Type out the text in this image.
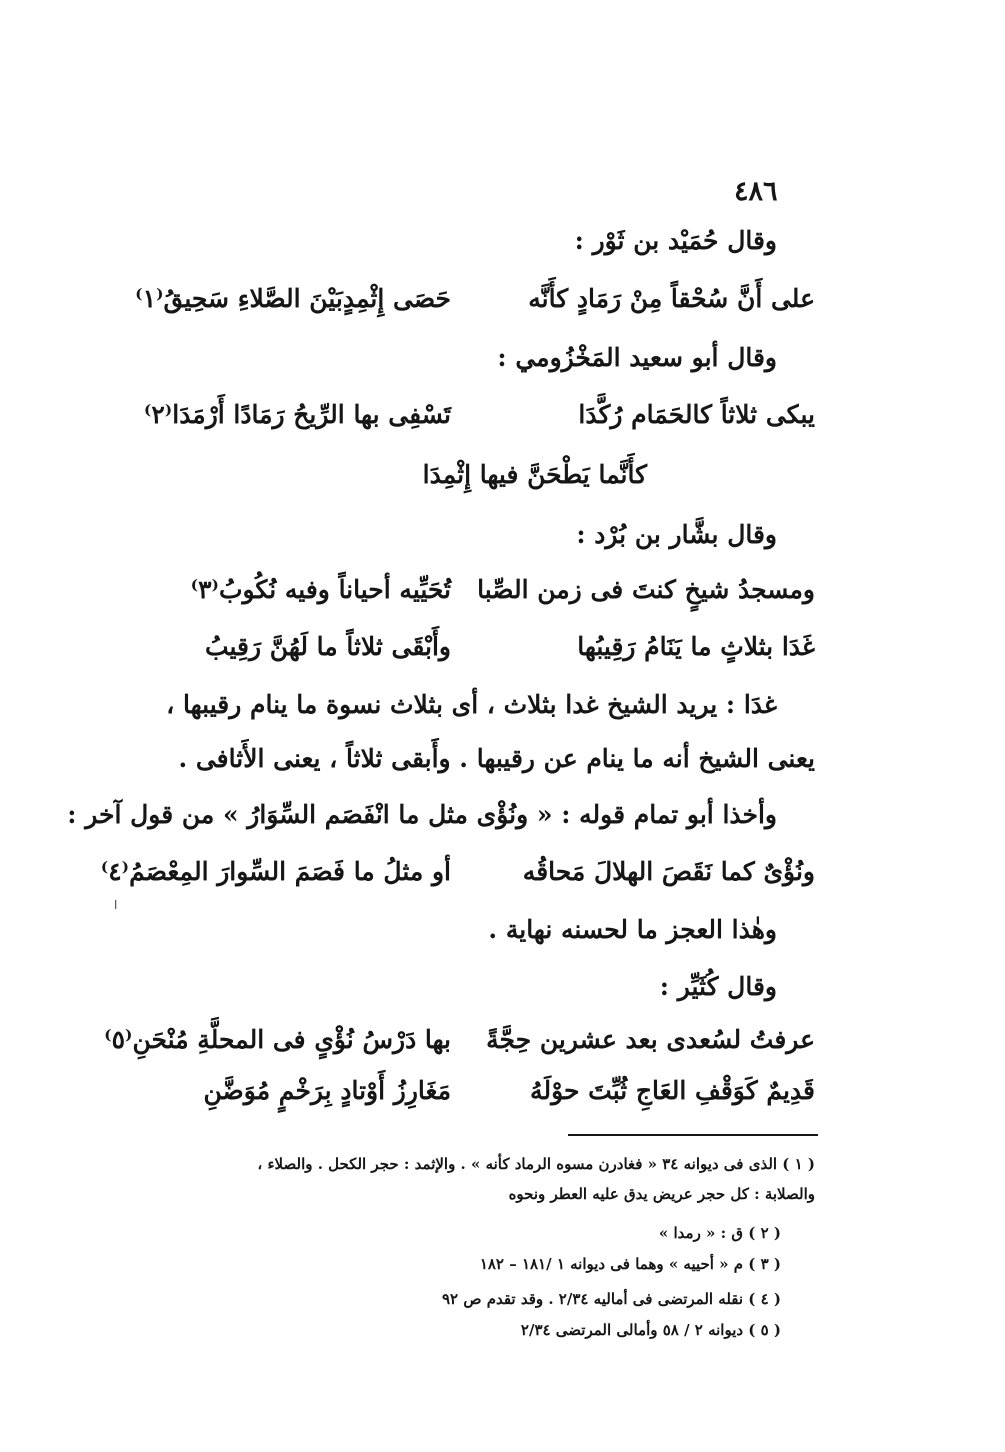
٤٨٦
وقال حُمَيْد بن ثَوْر :
على أَنَّ سُحْقاً مِنْ رَمَادٍ كأَنَّه
حَصَى إِثْمِدٍبَيْنَ الصَّلاءِ سَحِيقُ⁽١⁾
وقال أبو سعيد المَخْزُومي :
يبكى ثلاثاً كالحَمَام رُكَّدَا
تَسْفِى بها الرِّيحُ رَمَادًا أَرْمَدَا⁽٢⁾
كأَنَّما يَطْحَنَّ فيها إِثْمِدَا
وقال بشَّار بن بُرْد :
ومسجدُ شيخٍ كنتَ فى زمن الصِّبا
تُحَيِّيه أحياناً وفيه نُكُوبُ⁽٣⁾
غَدَا بثلاثٍ ما يَنَامُ رَقِيبُها
وأَبْقَى ثلاثاً ما لَهُنَّ رَقِيبُ
غدَا : يريد الشيخ غدا بثلاث ، أى بثلاث نسوة ما ينام رقيبها ،
يعنى الشيخ أنه ما ينام عن رقيبها . وأَبقى ثلاثاً ، يعنى الأَثافى .
وأخذا أبو تمام قوله : « ونُؤْى مثل ما انْفَصَم السِّوَارُ » من قول آخر :
ونُؤْىٌ كما نَقَصَ الهلالَ مَحاقُه
أو مثلُ ما فَصَمَ السِّوارَ المِعْصَمُ⁽٤⁾
وهٰذا العجز ما لحسنه نهاية .
وقال كُثَيِّر :
عرفتُ لسُعدى بعد عشرين حِجَّةً
بها دَرْسُ نُؤْىٍ فى المحلَّةِ مُنْحَنِ⁽٥⁾
قَدِيمٌ كَوَقْفِ العَاجِ ثُبِّتَ حوْلَهُ
مَغَارِزُ أَوْتادٍ بِرَخْمٍ مُوَضَّنِ
( ١ ) الذى فى ديوانه ٣٤ « فغادرن مسوه الرماد كأنه » . والإثمد : حجر الكحل . والصلاء ،
والصلابة : كل حجر عريض يدق عليه العطر ونحوه
( ٢ ) ق : « رمدا »
( ٣ ) م « أحييه » وهما فى ديوانه ١ /١٨١ – ١٨٢
( ٤ ) نقله المرتضى فى أماليه ٢/٣٤ . وقد تقدم ص ٩٢
( ٥ ) ديوانه ٢ / ٥٨ وأمالى المرتضى ٢/٣٤
ا
